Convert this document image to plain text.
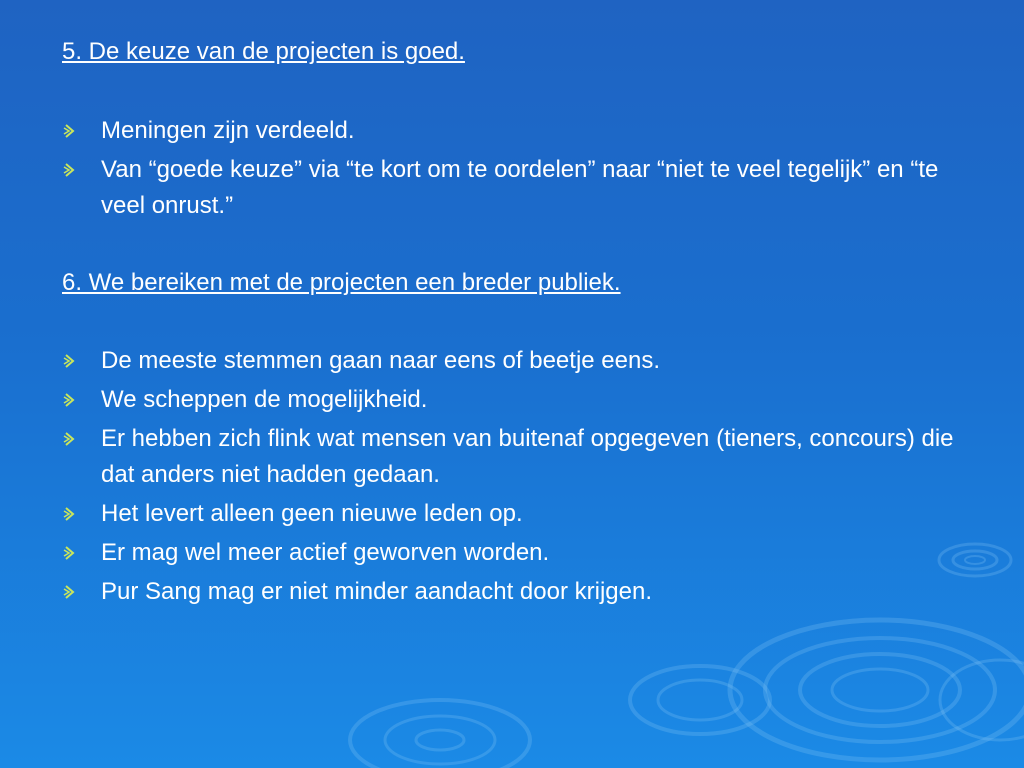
5. De keuze van de projecten is goed.
Meningen zijn verdeeld.
Van “goede keuze” via “te kort om te oordelen” naar “niet te veel tegelijk” en “te veel onrust.”
6. We bereiken met de projecten een breder publiek.
De meeste stemmen gaan naar eens of beetje eens.
We scheppen de mogelijkheid.
Er hebben zich flink wat mensen van buitenaf opgegeven (tieners, concours) die dat anders niet hadden gedaan.
Het levert alleen geen nieuwe leden op.
Er mag wel meer actief geworven worden.
Pur Sang mag er niet minder aandacht door krijgen.
